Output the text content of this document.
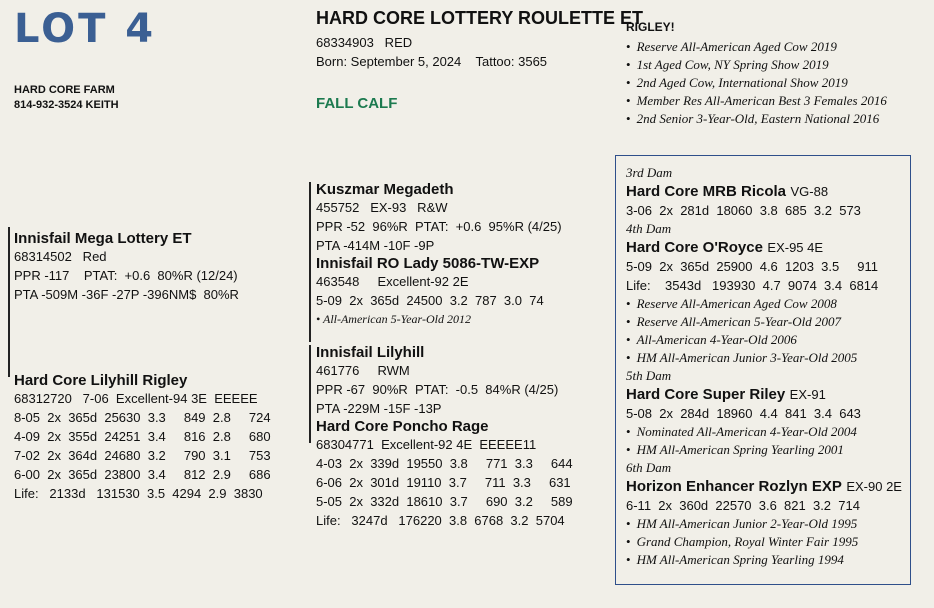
LOT 4
HARD CORE FARM
814-932-3524 KEITH
HARD CORE LOTTERY ROULETTE ET
68334903   RED
Born: September 5, 2024    Tattoo: 3565
FALL CALF
RIGLEY!
• Reserve All-American Aged Cow 2019
• 1st Aged Cow, NY Spring Show 2019
• 2nd Aged Cow, International Show 2019
• Member Res All-American Best 3 Females 2016
• 2nd Senior 3-Year-Old, Eastern National 2016
Innisfail Mega Lottery ET
68314502   Red
PPR -117    PTAT:  +0.6  80%R (12/24)
PTA -509M -36F -27P -396NM$  80%R
Hard Core Lilyhill Rigley
68312720   7-06  Excellent-94 3E  EEEEE
8-05  2x  365d  25630  3.3     849  2.8     724
4-09  2x  355d  24251  3.4     816  2.8     680
7-02  2x  364d  24680  3.2     790  3.1     753
6-00  2x  365d  23800  3.4     812  2.9     686
Life:   2133d   131530  3.5  4294  2.9  3830
Kuszmar Megadeth
455752   EX-93   R&W
PPR -52  96%R  PTAT:  +0.6  95%R (4/25)
PTA -414M -10F -9P
Innisfail RO Lady 5086-TW-EXP
463548     Excellent-92 2E
5-09  2x  365d  24500  3.2  787  3.0  74
• All-American 5-Year-Old 2012
Innisfail Lilyhill
461776     RWM
PPR -67  90%R  PTAT:  -0.5  84%R (4/25)
PTA -229M -15F -13P
Hard Core Poncho Rage
68304771  Excellent-92 4E  EEEEE11
4-03  2x  339d  19550  3.8     771  3.3     644
6-06  2x  301d  19110  3.7     711  3.3     631
5-05  2x  332d  18610  3.7     690  3.2     589
Life:   3247d   176220  3.8  6768  3.2  5704
3rd Dam
Hard Core MRB Ricola VG-88
3-06  2x  281d  18060  3.8  685  3.2  573
4th Dam
Hard Core O'Royce EX-95 4E
5-09  2x  365d  25900  4.6  1203  3.5     911
Life:    3543d   193930  4.7  9074  3.4  6814
• Reserve All-American Aged Cow 2008
• Reserve All-American 5-Year-Old 2007
• All-American 4-Year-Old 2006
• HM All-American Junior 3-Year-Old 2005
5th Dam
Hard Core Super Riley EX-91
5-08  2x  284d  18960  4.4  841  3.4  643
• Nominated All-American 4-Year-Old 2004
• HM All-American Spring Yearling 2001
6th Dam
Horizon Enhancer Rozlyn EXP EX-90 2E
6-11  2x  360d  22570  3.6  821  3.2  714
• HM All-American Junior 2-Year-Old 1995
• Grand Champion, Royal Winter Fair 1995
• HM All-American Spring Yearling 1994
